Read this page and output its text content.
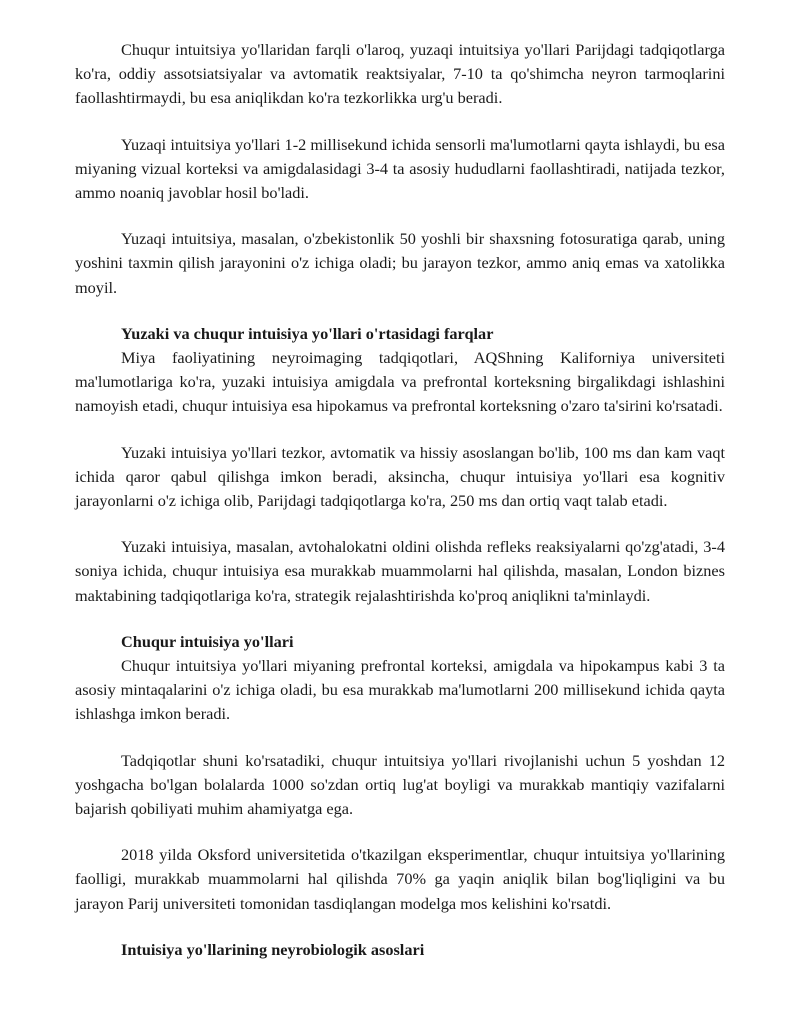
Chuqur intuitsiya yo'llaridan farqli o'laroq, yuzaqi intuitsiya yo'llari Parijdagi tadqiqotlarga ko'ra, oddiy assotsiatsiyalar va avtomatik reaktsiyalar, 7-10 ta qo'shimcha neyron tarmoqlarini faollashtirmaydi, bu esa aniqlikdan ko'ra tezkorlikka urg'u beradi.

Yuzaqi intuitsiya yo'llari 1-2 millisekund ichida sensorli ma'lumotlarni qayta ishlaydi, bu esa miyaning vizual korteksi va amigdalasidagi 3-4 ta asosiy hududlarni faollashtiradi, natijada tezkor, ammo noaniq javoblar hosil bo'ladi.

Yuzaqi intuitsiya, masalan, o'zbekistonlik 50 yoshli bir shaxsning fotosuratiga qarab, uning yoshini taxmin qilish jarayonini o'z ichiga oladi; bu jarayon tezkor, ammo aniq emas va xatolikka moyil.

Yuzaki va chuqur intuisiya yo'llari o'rtasidagi farqlar

Miya faoliyatining neyroimaging tadqiqotlari, AQShning Kaliforniya universiteti ma'lumotlariga ko'ra, yuzaki intuisiya amigdala va prefrontal korteksning birgalikdagi ishlashini namoyish etadi, chuqur intuisiya esa hipokamus va prefrontal korteksning o'zaro ta'sirini ko'rsatadi.

Yuzaki intuisiya yo'llari tezkor, avtomatik va hissiy asoslangan bo'lib, 100 ms dan kam vaqt ichida qaror qabul qilishga imkon beradi, aksincha, chuqur intuisiya yo'llari esa kognitiv jarayonlarni o'z ichiga olib, Parijdagi tadqiqotlarga ko'ra, 250 ms dan ortiq vaqt talab etadi.

Yuzaki intuisiya, masalan, avtohalokatni oldini olishda refleks reaksiyalarni qo'zg'atadi, 3-4 soniya ichida, chuqur intuisiya esa murakkab muammolarni hal qilishda, masalan, London biznes maktabining tadqiqotlariga ko'ra, strategik rejalashtirishda ko'proq aniqlikni ta'minlaydi.

Chuqur intuisiya yo'llari

Chuqur intuitsiya yo'llari miyaning prefrontal korteksi, amigdala va hipokampus kabi 3 ta asosiy mintaqalarini o'z ichiga oladi, bu esa murakkab ma'lumotlarni 200 millisekund ichida qayta ishlashga imkon beradi.

Tadqiqotlar shuni ko'rsatadiki, chuqur intuitsiya yo'llari rivojlanishi uchun 5 yoshdan 12 yoshgacha bo'lgan bolalarda 1000 so'zdan ortiq lug'at boyligi va murakkab mantiqiy vazifalarni bajarish qobiliyati muhim ahamiyatga ega.

2018 yilda Oksford universitetida o'tkazilgan eksperimentlar, chuqur intuitsiya yo'llarining faolligi, murakkab muammolarni hal qilishda 70% ga yaqin aniqlik bilan bog'liqligini va bu jarayon Parij universiteti tomonidan tasdiqlangan modelga mos kelishini ko'rsatdi.

Intuisiya yo'llarining neyrobiologik asoslari
